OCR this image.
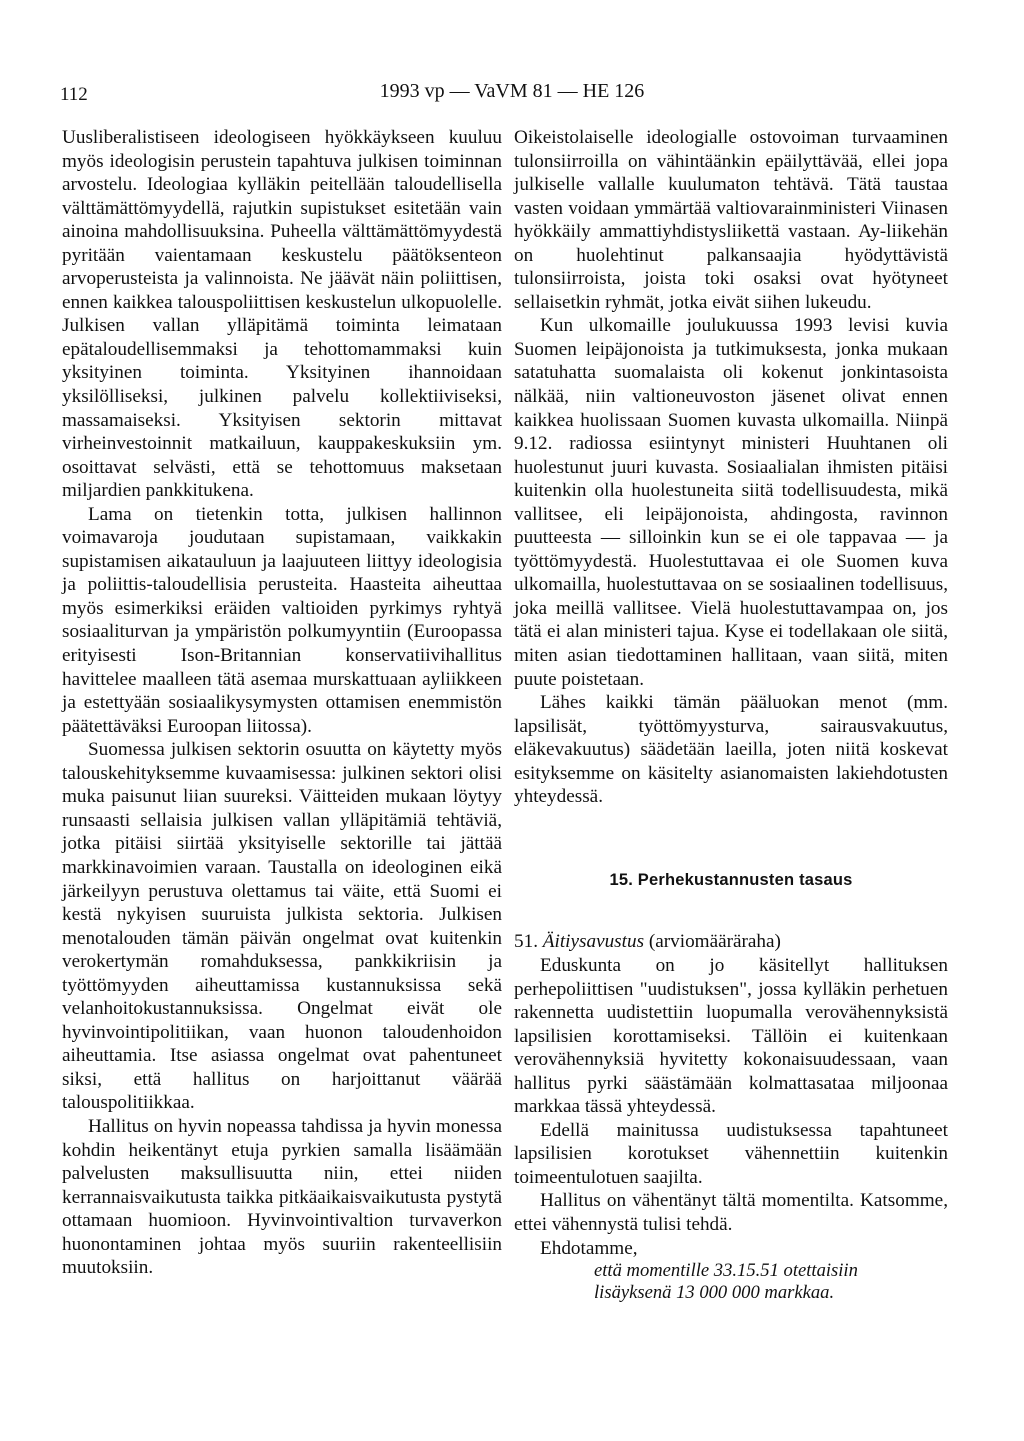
112	1993 vp — VaVM 81 — HE 126

Uusliberalistiseen ideologiseen hyökkäykseen kuuluu myös ideologisin perustein tapahtuva julkisen toiminnan arvostelu. Ideologiaa kylläkin peitellään taloudellisella välttämättömyydellä, rajutkin supistukset esitetään vain ainoina mahdollisuuksina. Puheella välttämättömyydestä pyritään vaientamaan keskustelu päätöksenteon arvoperusteista ja valinnoista. Ne jäävät näin poliittisen, ennen kaikkea talouspoliittisen keskustelun ulkopuolelle. Julkisen vallan ylläpitämä toiminta leimataan epätaloudellisemmaksi ja tehottomammaksi kuin yksityinen toiminta. Yksityinen ihannoidaan yksilölliseksi, julkinen palvelu kollektiiviseksi, massamaiseksi. Yksityisen sektorin mittavat virheinvestoinnit matkailuun, kauppakeskuksiin ym. osoittavat selvästi, että se tehottomuus maksetaan miljardien pankkitukena.

Lama on tietenkin totta, julkisen hallinnon voimavaroja joudutaan supistamaan, vaikkakin supistamisen aikatauluun ja laajuuteen liittyy ideologisia ja poliittis-taloudellisia perusteita. Haasteita aiheuttaa myös esimerkiksi eräiden valtioiden pyrkimys ryhtyä sosiaaliturvan ja ympäristön polkumyyntiin (Euroopassa erityisesti Ison-Britannian konservatiivihallitus havittelee maalleen tätä asemaa murskattuaan ayliikkeen ja estettyään sosiaalikysymysten ottamisen enemmistön päätettäväksi Euroopan liitossa).

Suomessa julkisen sektorin osuutta on käytetty myös talouskehityksemme kuvaamisessa: julkinen sektori olisi muka paisunut liian suureksi. Väitteiden mukaan löytyy runsaasti sellaisia julkisen vallan ylläpitämiä tehtäviä, jotka pitäisi siirtää yksityiselle sektorille tai jättää markkinavoimien varaan. Taustalla on ideologinen eikä järkeilyyn perustuva olettamus tai väite, että Suomi ei kestä nykyisen suuruista julkista sektoria. Julkisen menotalouden tämän päivän ongelmat ovat kuitenkin verokertymän romahduksessa, pankkikriisin ja työttömyyden aiheuttamissa kustannuksissa sekä velanhoitokustannuksissa. Ongelmat eivät ole hyvinvointipolitiikan, vaan huonon taloudenhoidon aiheuttamia. Itse asiassa ongelmat ovat pahentuneet siksi, että hallitus on harjoittanut väärää talouspolitiikkaa.

Hallitus on hyvin nopeassa tahdissa ja hyvin monessa kohdin heikentänyt etuja pyrkien samalla lisäämään palvelusten maksullisuutta niin, ettei niiden kerrannaisvaikutusta taikka pitkäaikaisvaikutusta pystytä ottamaan huomioon. Hyvinvointivaltion turvaverkon huonontaminen johtaa myös suuriin rakenteellisiin muutoksiin.

Oikeistolaiselle ideologialle ostovoiman turvaaminen tulonsiirroilla on vähintäänkin epäilyttävää, ellei jopa julkiselle vallalle kuulumaton tehtävä. Tätä taustaa vasten voidaan ymmärtää valtiovarainministeri Viinasen hyökkäily ammattiyhdistysliikettä vastaan. Ay-liikehän on huolehtinut palkansaajia hyödyttävistä tulonsiirroista, joista toki osaksi ovat hyötyneet sellaisetkin ryhmät, jotka eivät siihen lukeudu.

Kun ulkomaille joulukuussa 1993 levisi kuvia Suomen leipäjonoista ja tutkimuksesta, jonka mukaan satatuhatta suomalaista oli kokenut jonkintasoista nälkää, niin valtioneuvoston jäsenet olivat ennen kaikkea huolissaan Suomen kuvasta ulkomailla. Niinpä 9.12. radiossa esiintynyt ministeri Huuhtanen oli huolestunut juuri kuvasta. Sosiaalialan ihmisten pitäisi kuitenkin olla huolestuneita siitä todellisuudesta, mikä vallitsee, eli leipäjonoista, ahdingosta, ravinnon puutteesta — silloinkin kun se ei ole tappavaa — ja työttömyydestä. Huolestuttavaa ei ole Suomen kuva ulkomailla, huolestuttavaa on se sosiaalinen todellisuus, joka meillä vallitsee. Vielä huolestuttavampaa on, jos tätä ei alan ministeri tajua. Kyse ei todellakaan ole siitä, miten asian tiedottaminen hallitaan, vaan siitä, miten puute poistetaan.

Lähes kaikki tämän pääluokan menot (mm. lapsilisät, työttömyysturva, sairausvakuutus, eläkevakuutus) säädetään laeilla, joten niitä koskevat esityksemme on käsitelty asianomaisten lakiehdotusten yhteydessä.

15. Perhekustannusten tasaus

51. Äitiysavustus (arviomääräraha)

Eduskunta on jo käsitellyt hallituksen perhepoliittisen "uudistuksen", jossa kylläkin perhetuen rakennetta uudistettiin luopumalla verovähennyksistä lapsilisien korottamiseksi. Tällöin ei kuitenkaan verovähennyksiä hyvitetty kokonaisuudessaan, vaan hallitus pyrki säästämään kolmattasataa miljoonaa markkaa tässä yhteydessä.

Edellä mainitussa uudistuksessa tapahtuneet lapsilisien korotukset vähennettiin kuitenkin toimeentulotuen saajilta.

Hallitus on vähentänyt tältä momentilta. Katsomme, ettei vähennystä tulisi tehdä.

Ehdotamme,

että momentille 33.15.51 otettaisiin lisäyksenä 13 000 000 markkaa.
